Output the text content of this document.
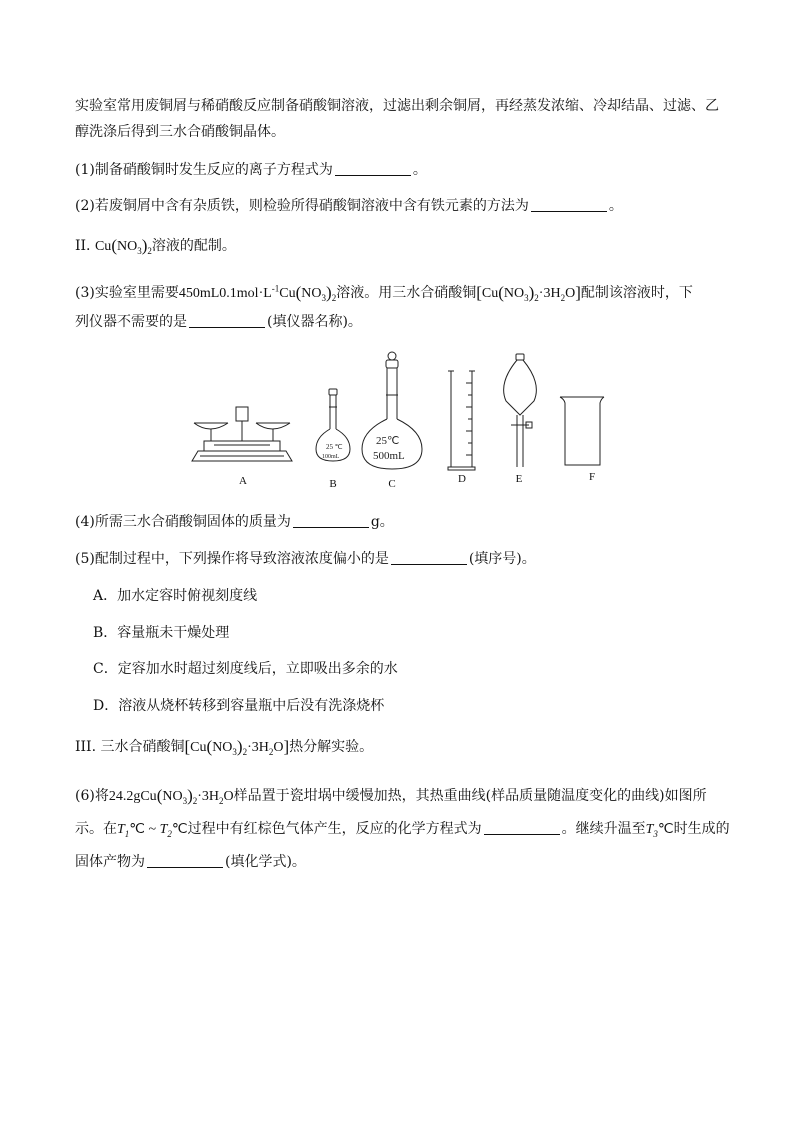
实验室常用废铜屑与稀硝酸反应制备硝酸铜溶液，过滤出剩余铜屑，再经蒸发浓缩、冷却结晶、过滤、乙
醇洗涤后得到三水合硝酸铜晶体。
(1)制备硝酸铜时发生反应的离子方程式为	。
(2)若废铜屑中含有杂质铁，则检验所得硝酸铜溶液中含有铁元素的方法为	。
II. $Cu(NO_3)_2$溶液的配制。
(3)实验室里需要$450mL0.1mol\cdot L^{-1}Cu(NO_3)_2$溶液。用三水合硝酸铜$[Cu(NO_3)_2\cdot 3H_2O]$配制该溶液时，下
列仪器不需要的是	(填仪器名称)。
25 ℃
100mL
25℃
500mL
A	B	C	D	E	F
(4)所需三水合硝酸铜固体的质量为	g。
(5)配制过程中，下列操作将导致溶液浓度偏小的是	(填序号)。
A．加水定容时俯视刻度线
B．容量瓶未干燥处理
C．定容加水时超过刻度线后，立即吸出多余的水
D．溶液从烧杯转移到容量瓶中后没有洗涤烧杯
III. 三水合硝酸铜$[Cu(NO_3)_2\cdot 3H_2O]$热分解实验。
(6)将$24.2gCu(NO_3)_2\cdot 3H_2O$样品置于瓷坩埚中缓慢加热，其热重曲线(样品质量随温度变化的曲线)如图所
示。在$T_1℃$ ~ $T_2℃$过程中有红棕色气体产生，反应的化学方程式为	。继续升温至$T_3℃$时生成的
固体产物为	(填化学式)。
